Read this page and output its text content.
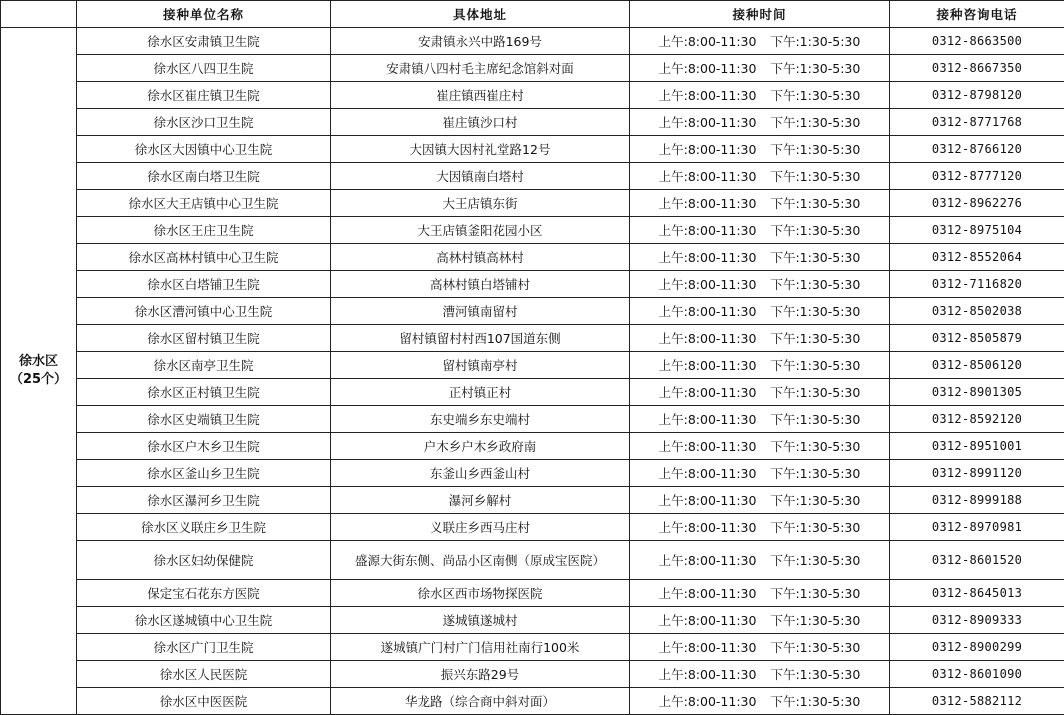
	接种单位名称	具体地址	接种时间	接种咨询电话

徐水区
（25个）	徐水区安肃镇卫生院	安肃镇永兴中路169号	上午:8:00-11:30 下午:1:30-5:30	0312-8663500
	徐水区八四卫生院	安肃镇八四村毛主席纪念馆斜对面	上午:8:00-11:30 下午:1:30-5:30	0312-8667350
	徐水区崔庄镇卫生院	崔庄镇西崔庄村	上午:8:00-11:30 下午:1:30-5:30	0312-8798120
	徐水区沙口卫生院	崔庄镇沙口村	上午:8:00-11:30 下午:1:30-5:30	0312-8771768
	徐水区大因镇中心卫生院	大因镇大因村礼堂路12号	上午:8:00-11:30 下午:1:30-5:30	0312-8766120
	徐水区南白塔卫生院	大因镇南白塔村	上午:8:00-11:30 下午:1:30-5:30	0312-8777120
	徐水区大王店镇中心卫生院	大王店镇东街	上午:8:00-11:30 下午:1:30-5:30	0312-8962276
	徐水区王庄卫生院	大王店镇釜阳花园小区	上午:8:00-11:30 下午:1:30-5:30	0312-8975104
	徐水区高林村镇中心卫生院	高林村镇高林村	上午:8:00-11:30 下午:1:30-5:30	0312-8552064
	徐水区白塔铺卫生院	高林村镇白塔铺村	上午:8:00-11:30 下午:1:30-5:30	0312-7116820
	徐水区漕河镇中心卫生院	漕河镇南留村	上午:8:00-11:30 下午:1:30-5:30	0312-8502038
	徐水区留村镇卫生院	留村镇留村村西107国道东侧	上午:8:00-11:30 下午:1:30-5:30	0312-8505879
	徐水区南亭卫生院	留村镇南亭村	上午:8:00-11:30 下午:1:30-5:30	0312-8506120
	徐水区正村镇卫生院	正村镇正村	上午:8:00-11:30 下午:1:30-5:30	0312-8901305
	徐水区史端镇卫生院	东史端乡东史端村	上午:8:00-11:30 下午:1:30-5:30	0312-8592120
	徐水区户木乡卫生院	户木乡户木乡政府南	上午:8:00-11:30 下午:1:30-5:30	0312-8951001
	徐水区釜山乡卫生院	东釜山乡西釜山村	上午:8:00-11:30 下午:1:30-5:30	0312-8991120
	徐水区瀑河乡卫生院	瀑河乡解村	上午:8:00-11:30 下午:1:30-5:30	0312-8999188
	徐水区义联庄乡卫生院	义联庄乡西马庄村	上午:8:00-11:30 下午:1:30-5:30	0312-8970981
	徐水区妇幼保健院	盛源大街东侧、尚品小区南侧（原成宝医院）	上午:8:00-11:30 下午:1:30-5:30	0312-8601520
	保定宝石花东方医院	徐水区西市场物探医院	上午:8:00-11:30 下午:1:30-5:30	0312-8645013
	徐水区遂城镇中心卫生院	遂城镇遂城村	上午:8:00-11:30 下午:1:30-5:30	0312-8909333
	徐水区广门卫生院	遂城镇广门村广门信用社南行100米	上午:8:00-11:30 下午:1:30-5:30	0312-8900299
	徐水区人民医院	振兴东路29号	上午:8:00-11:30 下午:1:30-5:30	0312-8601090
	徐水区中医医院	华龙路（综合商中斜对面）	上午:8:00-11:30 下午:1:30-5:30	0312-5882112
